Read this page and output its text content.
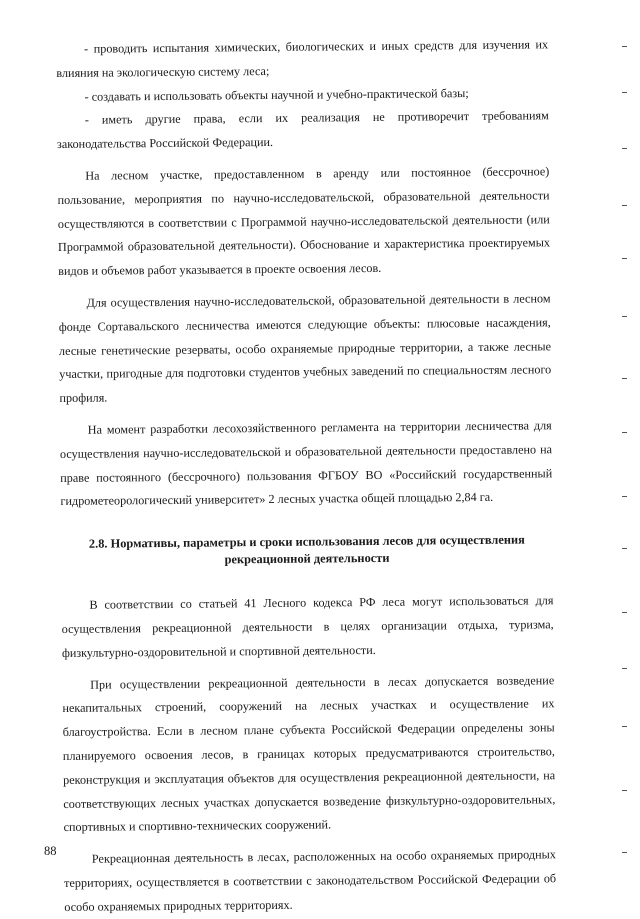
- проводить испытания химических, биологических и иных средств для изучения их влияния на экологическую систему леса;

- создавать и использовать объекты научной и учебно-практической базы;

- иметь другие права, если их реализация не противоречит требованиям законодательства Российской Федерации.

На лесном участке, предоставленном в аренду или постоянное (бессрочное) пользование, мероприятия по научно-исследовательской, образовательной деятельности осуществляются в соответствии с Программой научно-исследовательской деятельности (или Программой образовательной деятельности). Обоснование и характеристика проектируемых видов и объемов работ указывается в проекте освоения лесов.

Для осуществления научно-исследовательской, образовательной деятельности в лесном фонде Сортавальского лесничества имеются следующие объекты: плюсовые насаждения, лесные генетические резерваты, особо охраняемые природные территории, а также лесные участки, пригодные для подготовки студентов учебных заведений по специальностям лесного профиля.

На момент разработки лесохозяйственного регламента на территории лесничества для осуществления научно-исследовательской и образовательной деятельности предоставлено на праве постоянного (бессрочного) пользования ФГБОУ ВО «Российский государственный гидрометеорологический университет» 2 лесных участка общей площадью 2,84 га.

2.8. Нормативы, параметры и сроки использования лесов для осуществления
рекреационной деятельности

В соответствии со статьей 41 Лесного кодекса РФ леса могут использоваться для осуществления рекреационной деятельности в целях организации отдыха, туризма, физкультурно-оздоровительной и спортивной деятельности.

При осуществлении рекреационной деятельности в лесах допускается возведение некапитальных строений, сооружений на лесных участках и осуществление их благоустройства. Если в лесном плане субъекта Российской Федерации определены зоны планируемого освоения лесов, в границах которых предусматриваются строительство, реконструкция и эксплуатация объектов для осуществления рекреационной деятельности, на соответствующих лесных участках допускается возведение физкультурно-оздоровительных, спортивных и спортивно-технических сооружений.

Рекреационная деятельность в лесах, расположенных на особо охраняемых природных территориях, осуществляется в соответствии с законодательством Российской Федерации об особо охраняемых природных территориях.

88
